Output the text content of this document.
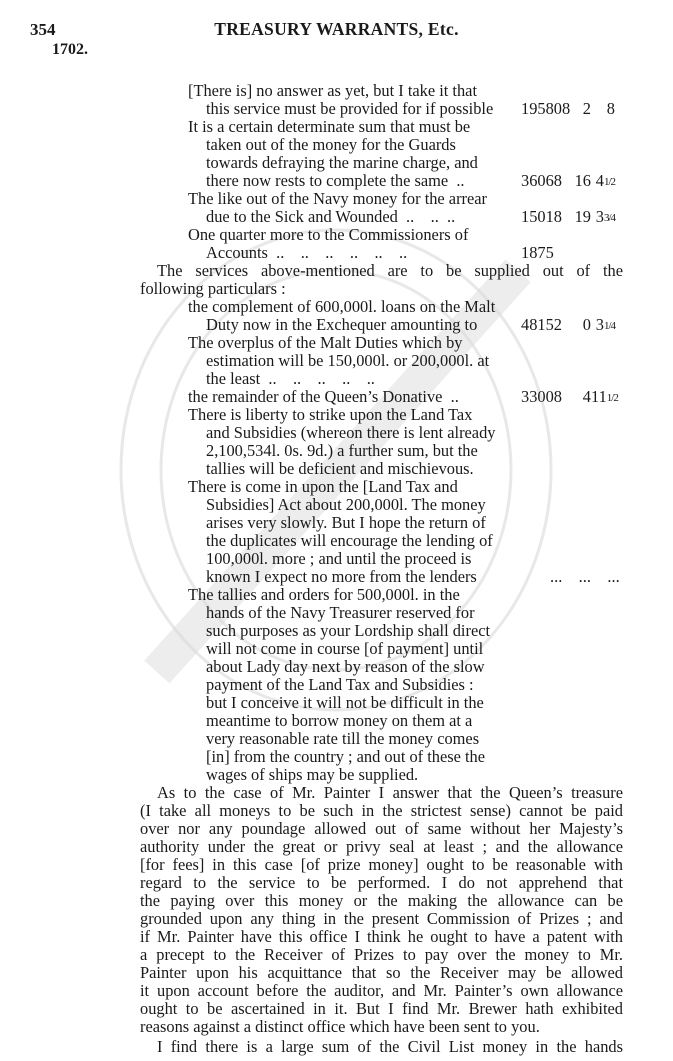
354	TREASURY WARRANTS, Etc.
1702.
[There is] no answer as yet, but I take it that
this service must be provided for if possible 195808 2 8
It is a certain determinate sum that must be
taken out of the money for the Guards
towards defraying the marine charge, and
there now rests to complete the same  ..	36068 16 41/2
The like out of the Navy money for the arrear
due to the Sick and Wounded  ..    ..  ..	15018 19 33/4
One quarter more to the Commissioners of
Accounts  ..    ..    ..    ..    ..    ..	1875
The services above-mentioned are to be supplied out of the
following particulars :
the complement of 600,000l. loans on the Malt
Duty now in the Exchequer amounting to	48152 0 31/4
The overplus of the Malt Duties which by
estimation will be 150,000l. or 200,000l. at
the least  ..    ..    ..    ..    ..
the remainder of the Queen’s Donative  ..	33008 4111/2
There is liberty to strike upon the Land Tax
and Subsidies (whereon there is lent already
2,100,534l. 0s. 9d.) a further sum, but the
tallies will be deficient and mischievous.
There is come in upon the [Land Tax and
Subsidies] Act about 200,000l. The money
arises very slowly. But I hope the return of
the duplicates will encourage the lending of
100,000l. more ; and until the proceed is
known I expect no more from the lenders	...    ...    ...
The tallies and orders for 500,000l. in the
hands of the Navy Treasurer reserved for
such purposes as your Lordship shall direct
will not come in course [of payment] until
about Lady day next by reason of the slow
payment of the Land Tax and Subsidies :
but I conceive it will not be difficult in the
meantime to borrow money on them at a
very reasonable rate till the money comes
[in] from the country ; and out of these the
wages of ships may be supplied.
As to the case of Mr. Painter I answer that the Queen’s treasure
(I take all moneys to be such in the strictest sense) cannot be paid
over nor any poundage allowed out of same without her Majesty’s
authority under the great or privy seal at least ; and the allowance
[for fees] in this case [of prize money] ought to be reasonable with
regard to the service to be performed. I do not apprehend that
the paying over this money or the making the allowance can be
grounded upon any thing in the present Commission of Prizes ; and
if Mr. Painter have this office I think he ought to have a patent with
a precept to the Receiver of Prizes to pay over the money to Mr.
Painter upon his acquittance that so the Receiver may be allowed
it upon account before the auditor, and Mr. Painter’s own allowance
ought to be ascertained in it. But I find Mr. Brewer hath exhibited
reasons against a distinct office which have been sent to you.
I find there is a large sum of the Civil List money in the hands
